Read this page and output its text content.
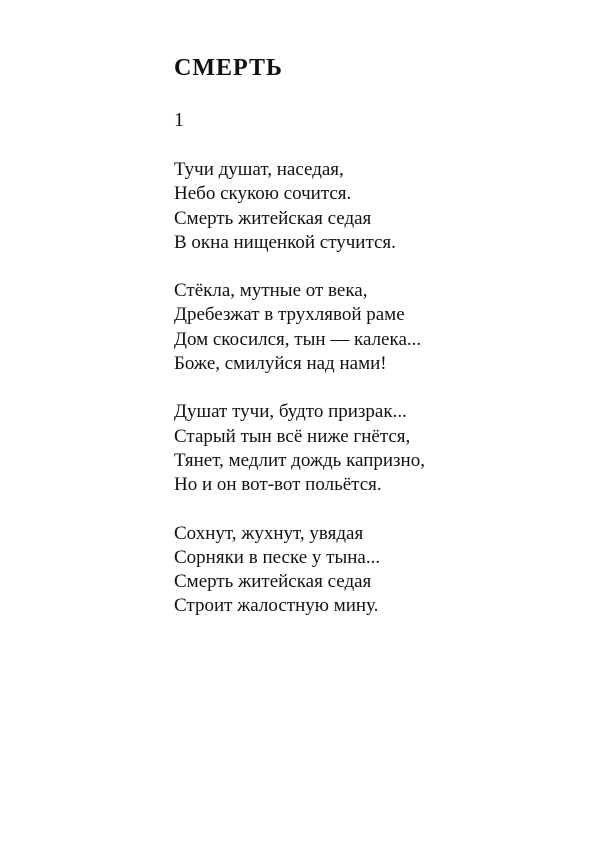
СМЕРТЬ
1
Тучи душат, наседая,
Небо скукою сочится.
Смерть житейская седая
В окна нищенкой стучится.
Стёкла, мутные от века,
Дребезжат в трухлявой раме
Дом скосился, тын — калека...
Боже, смилуйся над нами!
Душат тучи, будто призрак...
Старый тын всё ниже гнётся,
Тянет, медлит дождь капризно,
Но и он вот-вот польётся.
Сохнут, жухнут, увядая
Сорняки в песке у тына...
Смерть житейская седая
Строит жалостную мину.
